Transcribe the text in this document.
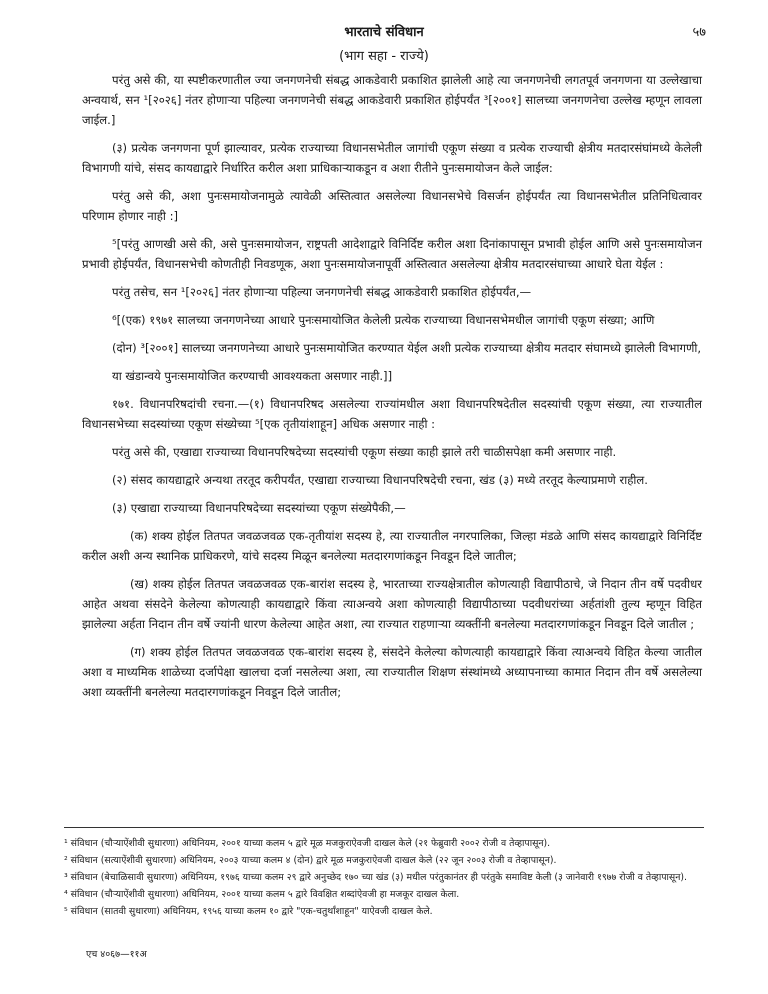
भारताचे संविधान	५७
(भाग सहा - राज्ये)

परंतु असे की, या स्पष्टीकरणातील ज्या जनगणनेची संबद्ध आकडेवारी प्रकाशित झालेली आहे त्या जनगणनेची लगतपूर्व जनगणना या उल्लेखाचा अन्वयार्थ, सन ¹[२०२६] नंतर होणाऱ्या पहिल्या जनगणनेची संबद्ध आकडेवारी प्रकाशित होईपर्यंत ³[२००१] सालच्या जनगणनेचा उल्लेख म्हणून लावला जाईल.]

(३) प्रत्येक जनगणना पूर्ण झाल्यावर, प्रत्येक राज्याच्या विधानसभेतील जागांची एकूण संख्या व प्रत्येक राज्याची क्षेत्रीय मतदारसंघांमध्ये केलेली विभागणी यांचे, संसद कायद्याद्वारे निर्धारित करील अशा प्राधिकाऱ्याकडून व अशा रीतीने पुनःसमायोजन केले जाईल:

परंतु असे की, अशा पुनःसमायोजनामुळे त्यावेळी अस्तित्वात असलेल्या विधानसभेचे विसर्जन होईपर्यंत त्या विधानसभेतील प्रतिनिधित्वावर परिणाम होणार नाही :]

⁵[परंतु आणखी असे की, असे पुनःसमायोजन, राष्ट्रपती आदेशाद्वारे विनिर्दिष्ट करील अशा दिनांकापासून प्रभावी होईल आणि असे पुनःसमायोजन प्रभावी होईपर्यंत, विधानसभेची कोणतीही निवडणूक, अशा पुनःसमायोजनापूर्वी अस्तित्वात असलेल्या क्षेत्रीय मतदारसंघाच्या आधारे घेता येईल :

परंतु तसेच, सन ¹[२०२६] नंतर होणाऱ्या पहिल्या जनगणनेची संबद्ध आकडेवारी प्रकाशित होईपर्यंत,—

⁶[(एक) १९७१ सालच्या जनगणनेच्या आधारे पुनःसमायोजित केलेली प्रत्येक राज्याच्या विधानसभेमधील जागांची एकूण संख्या; आणि

(दोन) ³[२००१] सालच्या जनगणनेच्या आधारे पुनःसमायोजित करण्यात येईल अशी प्रत्येक राज्याच्या क्षेत्रीय मतदार संघामध्ये झालेली विभागणी,

या खंडान्वये पुनःसमायोजित करण्याची आवश्यकता असणार नाही.]]

१७१. विधानपरिषदांची रचना.—(१) विधानपरिषद असलेल्या राज्यांमधील अशा विधानपरिषदेतील सदस्यांची एकूण संख्या, त्या राज्यातील विधानसभेच्या सदस्यांच्या एकूण संख्येच्या ⁵[एक तृतीयांशाहून] अधिक असणार नाही :

परंतु असे की, एखाद्या राज्याच्या विधानपरिषदेच्या सदस्यांची एकूण संख्या काही झाले तरी चाळीसपेक्षा कमी असणार नाही.

(२) संसद कायद्याद्वारे अन्यथा तरतूद करीपर्यंत, एखाद्या राज्याच्या विधानपरिषदेची रचना, खंड (३) मध्ये तरतूद केल्याप्रमाणे राहील.

(३) एखाद्या राज्याच्या विधानपरिषदेच्या सदस्यांच्या एकूण संख्येपैकी,—

(क) शक्य होईल तितपत जवळजवळ एक-तृतीयांश सदस्य हे, त्या राज्यातील नगरपालिका, जिल्हा मंडळे आणि संसद कायद्याद्वारे विनिर्दिष्ट करील अशी अन्य स्थानिक प्राधिकरणे, यांचे सदस्य मिळून बनलेल्या मतदारगणांकडून निवडून दिले जातील;

(ख) शक्य होईल तितपत जवळजवळ एक-बारांश सदस्य हे, भारताच्या राज्यक्षेत्रातील कोणत्याही विद्यापीठाचे, जे निदान तीन वर्षे पदवीधर आहेत अथवा संसदेने केलेल्या कोणत्याही कायद्याद्वारे किंवा त्याअन्वये अशा कोणत्याही विद्यापीठाच्या पदवीधरांच्या अर्हतांशी तुल्य म्हणून विहित झालेल्या अर्हता निदान तीन वर्षे ज्यांनी धारण केलेल्या आहेत अशा, त्या राज्यात राहणाऱ्या व्यक्तींनी बनलेल्या मतदारगणांकडून निवडून दिले जातील ;

(ग) शक्य होईल तितपत जवळजवळ एक-बारांश सदस्य हे, संसदेने केलेल्या कोणत्याही कायद्याद्वारे किंवा त्याअन्वये विहित केल्या जातील अशा व माध्यमिक शाळेच्या दर्जापेक्षा खालचा दर्जा नसलेल्या अशा, त्या राज्यातील शिक्षण संस्थांमध्ये अध्यापनाच्या कामात निदान तीन वर्षे असलेल्या अशा व्यक्तींनी बनलेल्या मतदारगणांकडून निवडून दिले जातील;

¹ संविधान (चौऱ्याऐंशीवी सुधारणा) अधिनियम, २००१ याच्या कलम ५ द्वारे मूळ मजकुराऐवजी दाखल केले (२१ फेब्रुवारी २००२ रोजी व तेव्हापासून).
² संविधान (सत्याऐंशीवी सुधारणा) अधिनियम, २००३ याच्या कलम ४ (दोन) द्वारे मूळ मजकुराऐवजी दाखल केले (२२ जून २००३ रोजी व तेव्हापासून).
³ संविधान (बेचाळिसावी सुधारणा) अधिनियम, १९७६ याच्या कलम २९ द्वारे अनुच्छेद १७० च्या खंड (३) मधील परंतुकानंतर ही परंतुके समाविष्ट केली (३ जानेवारी १९७७ रोजी व तेव्हापासून).
⁴ संविधान (चौऱ्याऐंशीवी सुधारणा) अधिनियम, २००१ याच्या कलम ५ द्वारे विवक्षित शब्दांऐवजी हा मजकूर दाखल केला.
⁵ संविधान (सातवी सुधारणा) अधिनियम, १९५६ याच्या कलम १० द्वारे "एक-चतुर्थांशाहून" याऐवजी दाखल केले.
एच ४०६७—११अ
